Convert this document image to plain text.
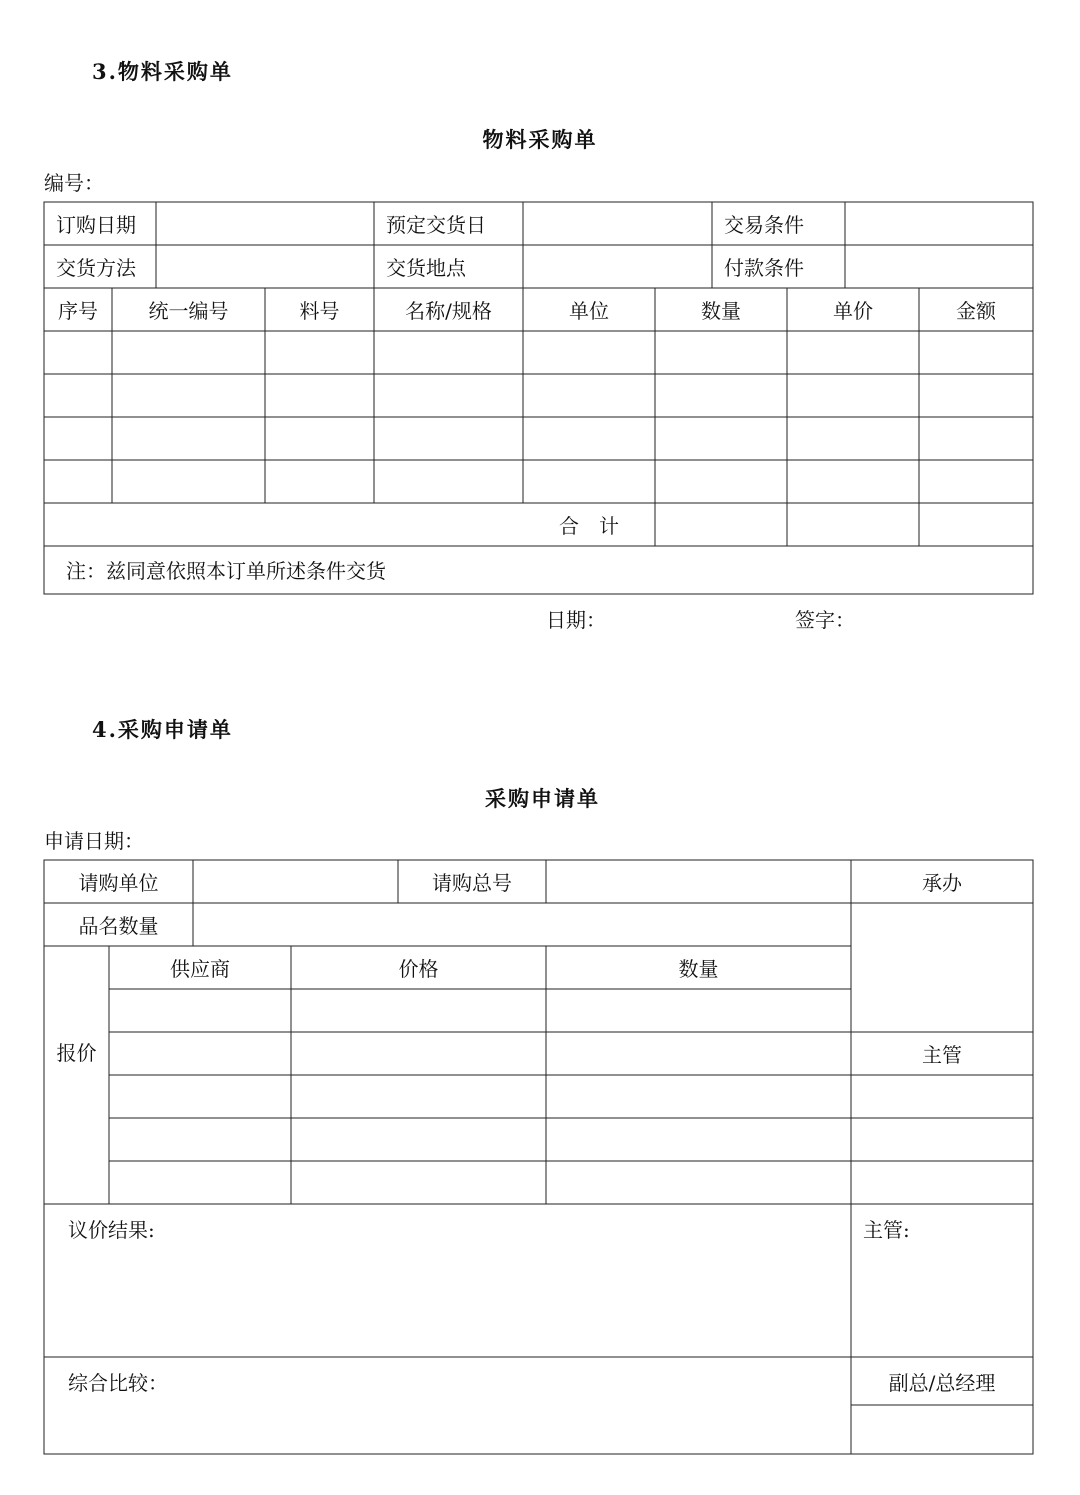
3.物料采购单
物料采购单
编号：
订购日期	预定交货日	交易条件
交货方法	交货地点	付款条件
序号	统一编号	料号	名称/规格	单位	数量	单价	金额
合　计
注：兹同意依照本订单所述条件交货
日期：	签字：
4.采购申请单
采购申请单
申请日期：
请购单位	请购总号	承办
品名数量
报价
供应商	价格	数量
主管
议价结果:	主管:
综合比较：	副总/总经理
